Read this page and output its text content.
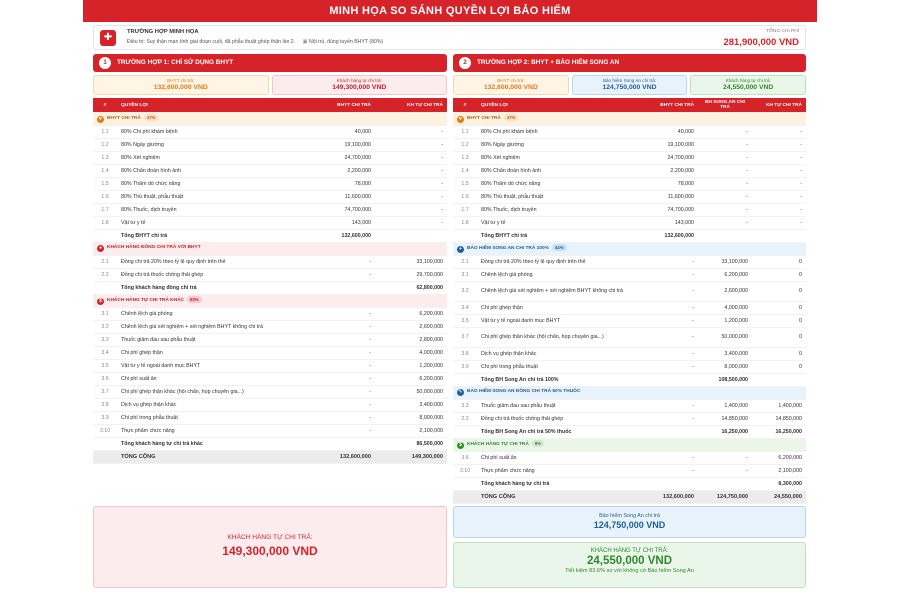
MINH HỌA SO SÁNH QUYỀN LỢI BẢO HIỂM
✚	TRƯỜNG HỢP MINH HỌA
Điều trị: Suy thận mạn tính giai đoạn cuối, đã phẫu thuật ghép thận lần 2. ▣ Nội trú, đúng tuyến BHYT (80%)
TỔNG CHI PHÍ
281,900,000 VND
1	TRƯỜNG HỢP 1: CHỈ SỬ DỤNG BHYT
BHYT chi trả:
132,600,000 VND
Khách hàng tự chi trả:
149,300,000 VND
#	QUYỀN LỢI	BHYT CHI TRẢ	KH TỰ CHI TRẢ
♥ BHYT CHI TRẢ 47%			
1.1	80% Chi phí khám bệnh	40,000	-
1.2	80% Ngày giường	19,100,000	-
1.3	80% Xét nghiệm	24,700,000	-
1.4	80% Chẩn đoán hình ảnh	2,200,000	-
1.5	80% Thăm dò chức năng	78,000	-
1.6	80% Thủ thuật, phẫu thuật	11,600,000	-
1.7	80% Thuốc, dịch truyền	74,700,000	-
1.8	Vật tư y tế	143,000	-
	Tổng BHYT chi trả	132,600,000	
● KHÁCH HÀNG ĐỒNG CHI TRẢ VỚI BHYT			
2.1	Đồng chi trả 20% theo tỷ lệ quy định trên thẻ	-	33,100,000
2.2	Đồng chi trả thuốc chống thải ghép	-	29,700,000
	Tổng khách hàng đồng chi trả		62,800,000
$ KHÁCH HÀNG TỰ CHI TRẢ KHÁC 53%			
3.1	Chênh lệch giá phòng	-	6,200,000
3.2	Chênh lệch giá xét nghiệm + xét nghiệm BHYT không chi trả	-	2,600,000
3.3	Thuốc giảm đau sau phẫu thuật	-	2,800,000
3.4	Chi phí ghép thận	-	4,000,000
3.5	Vật tư y tế ngoài danh mục BHYT	-	1,200,000
3.6	Chi phí suất ăn	-	6,200,000
3.7	Chi phí ghép thận khác (hội chẩn, họp chuyên gia...)	-	50,000,000
3.8	Dịch vụ ghép thận khác	-	3,400,000
3.9	Chi phí trong phẫu thuật	-	8,000,000
3.10	Thực phẩm chức năng	-	2,100,000
	Tổng khách hàng tự chi trả khác		86,500,000
	TỔNG CỘNG	132,600,000	149,300,000
2	TRƯỜNG HỢP 2: BHYT + BẢO HIỂM SONG AN
BHYT chi trả:
132,600,000 VND
Bảo hiểm Song An chi trả:
124,750,000 VND
Khách hàng tự chi trả:
24,550,000 VND
#	QUYỀN LỢI	BHYT CHI TRẢ	BH SONG AN CHI TRẢ	KH TỰ CHI TRẢ
♥ BHYT CHI TRẢ 47%				
1.1	80% Chi phí khám bệnh	40,000	-	-
1.2	80% Ngày giường	19,100,000	-	-
1.3	80% Xét nghiệm	24,700,000	-	-
1.4	80% Chẩn đoán hình ảnh	2,200,000	-	-
1.5	80% Thăm dò chức năng	78,000	-	-
1.6	80% Thủ thuật, phẫu thuật	11,600,000	-	-
1.7	80% Thuốc, dịch truyền	74,700,000	-	-
1.8	Vật tư y tế	143,000	-	-
	Tổng BHYT chi trả	132,600,000		
+ BẢO HIỂM SONG AN CHI TRẢ 100% 44%				
2.1	Đồng chi trả 20% theo tỷ lệ quy định trên thẻ	-	33,100,000	0
3.1	Chênh lệch giá phòng	-	6,200,000	0
3.2	Chênh lệch giá xét nghiệm + xét nghiệm BHYT không chi trả	-	2,600,000	0
3.4	Chi phí ghép thận	-	4,000,000	0
3.5	Vật tư y tế ngoài danh mục BHYT	-	1,200,000	0
3.7	Chi phí ghép thận khác (hội chẩn, họp chuyên gia...)	-	50,000,000	0
3.8	Dịch vụ ghép thận khác	-	3,400,000	0
3.9	Chi phí trong phẫu thuật	-	8,000,000	0
	Tổng BH Song An chi trả 100%		108,500,000	
✎ BẢO HIỂM SONG AN ĐỒNG CHI TRẢ 50% THUỐC				
3.3	Thuốc giảm đau sau phẫu thuật	-	1,400,000	1,400,000
2.2	Đồng chi trả thuốc chống thải ghép	-	14,850,000	14,850,000
	Tổng BH Song An chi trả 50% thuốc		16,250,000	16,250,000
$ KHÁCH HÀNG TỰ CHI TRẢ 9%				
3.6	Chi phí suất ăn	-	-	6,200,000
3.10	Thực phẩm chức năng	-	-	2,100,000
	Tổng khách hàng tự chi trả			8,300,000
	TỔNG CỘNG	132,600,000	124,750,000	24,550,000
KHÁCH HÀNG TỰ CHI TRẢ:
149,300,000 VND
Bảo hiểm Song An chi trả
124,750,000 VND
KHÁCH HÀNG TỰ CHI TRẢ:
24,550,000 VND
Tiết kiệm 83.6% so với không có Bảo hiểm Song An
